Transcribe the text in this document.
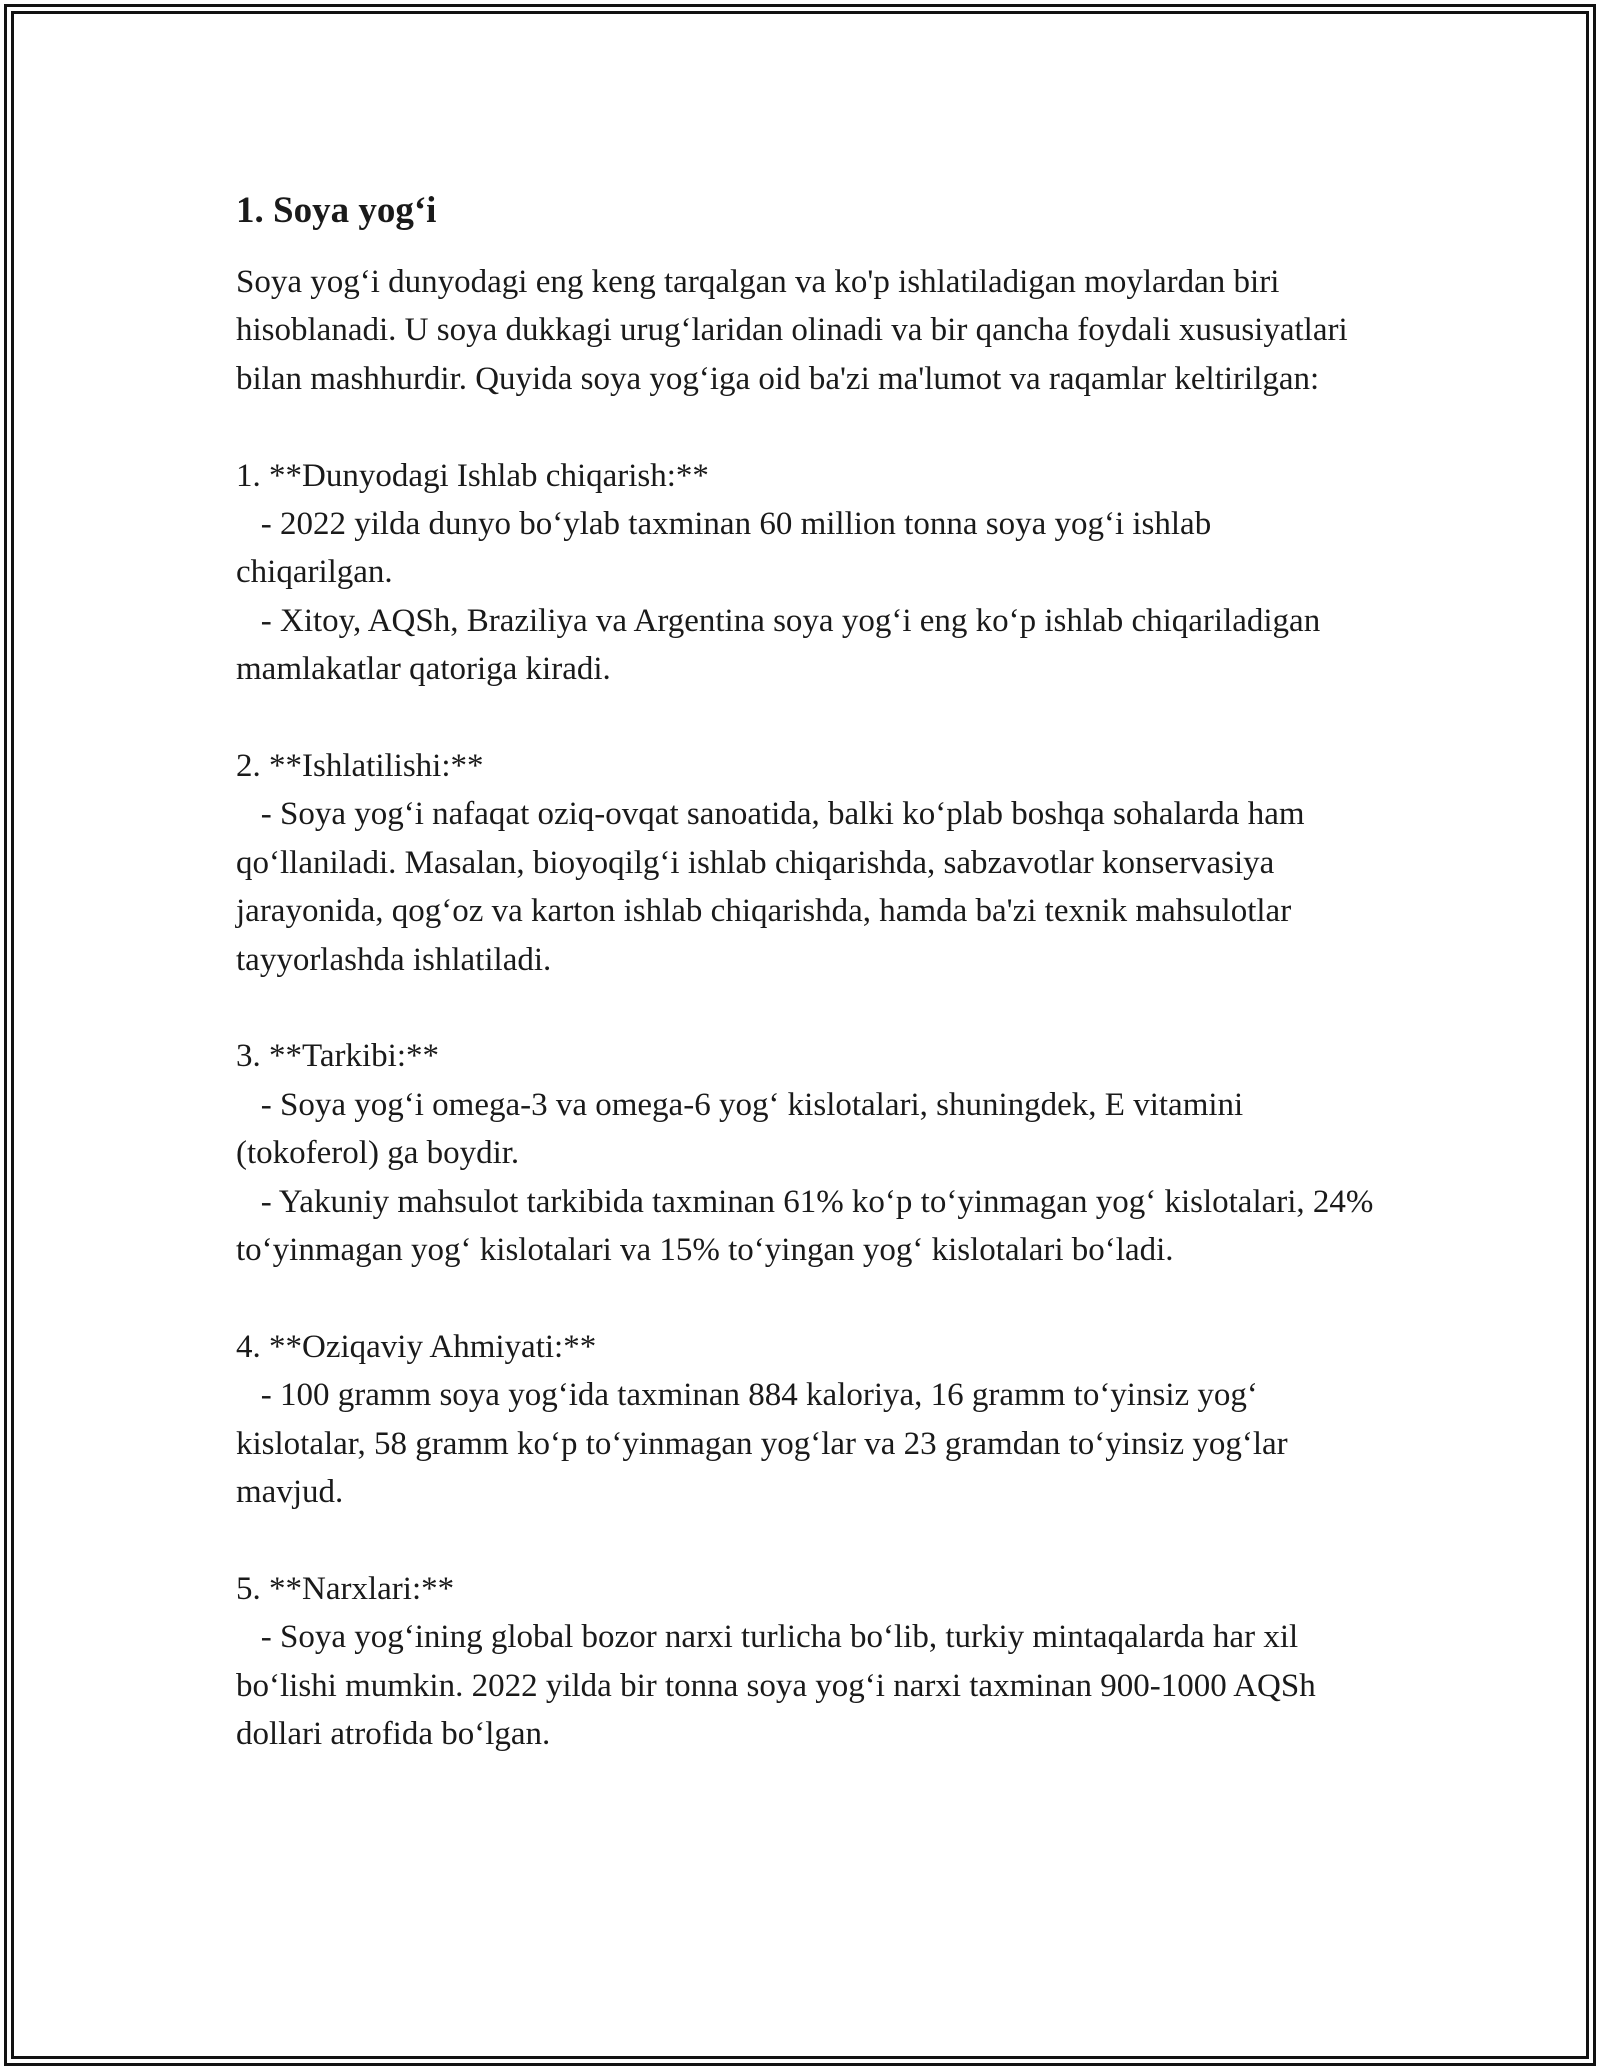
1. Soya yog‘i

Soya yog‘i dunyodagi eng keng tarqalgan va ko'p ishlatiladigan moylardan biri hisoblanadi. U soya dukkagi urug‘laridan olinadi va bir qancha foydali xususiyatlari bilan mashhurdir. Quyida soya yog‘iga oid ba'zi ma'lumot va raqamlar keltirilgan:

1. **Dunyodagi Ishlab chiqarish:**
- 2022 yilda dunyo bo‘ylab taxminan 60 million tonna soya yog‘i ishlab chiqarilgan.
- Xitoy, AQSh, Braziliya va Argentina soya yog‘i eng ko‘p ishlab chiqariladigan mamlakatlar qatoriga kiradi.
2. **Ishlatilishi:**
- Soya yog‘i nafaqat oziq-ovqat sanoatida, balki ko‘plab boshqa sohalarda ham qo‘llaniladi. Masalan, bioyoqilg‘i ishlab chiqarishda, sabzavotlar konservasiya jarayonida, qog‘oz va karton ishlab chiqarishda, hamda ba'zi texnik mahsulotlar tayyorlashda ishlatiladi.
3. **Tarkibi:**
- Soya yog‘i omega-3 va omega-6 yog‘ kislotalari, shuningdek, E vitamini (tokoferol) ga boydir.
- Yakuniy mahsulot tarkibida taxminan 61% ko‘p to‘yinmagan yog‘ kislotalari, 24% to‘yinmagan yog‘ kislotalari va 15% to‘yingan yog‘ kislotalari bo‘ladi.
4. **Oziqaviy Ahmiyati:**
- 100 gramm soya yog‘ida taxminan 884 kaloriya, 16 gramm to‘yinsiz yog‘ kislotalar, 58 gramm ko‘p to‘yinmagan yog‘lar va 23 gramdan to‘yinsiz yog‘lar mavjud.
5. **Narxlari:**
- Soya yog‘ining global bozor narxi turlicha bo‘lib, turkiy mintaqalarda har xil bo‘lishi mumkin. 2022 yilda bir tonna soya yog‘i narxi taxminan 900-1000 AQSh dollari atrofida bo‘lgan.
